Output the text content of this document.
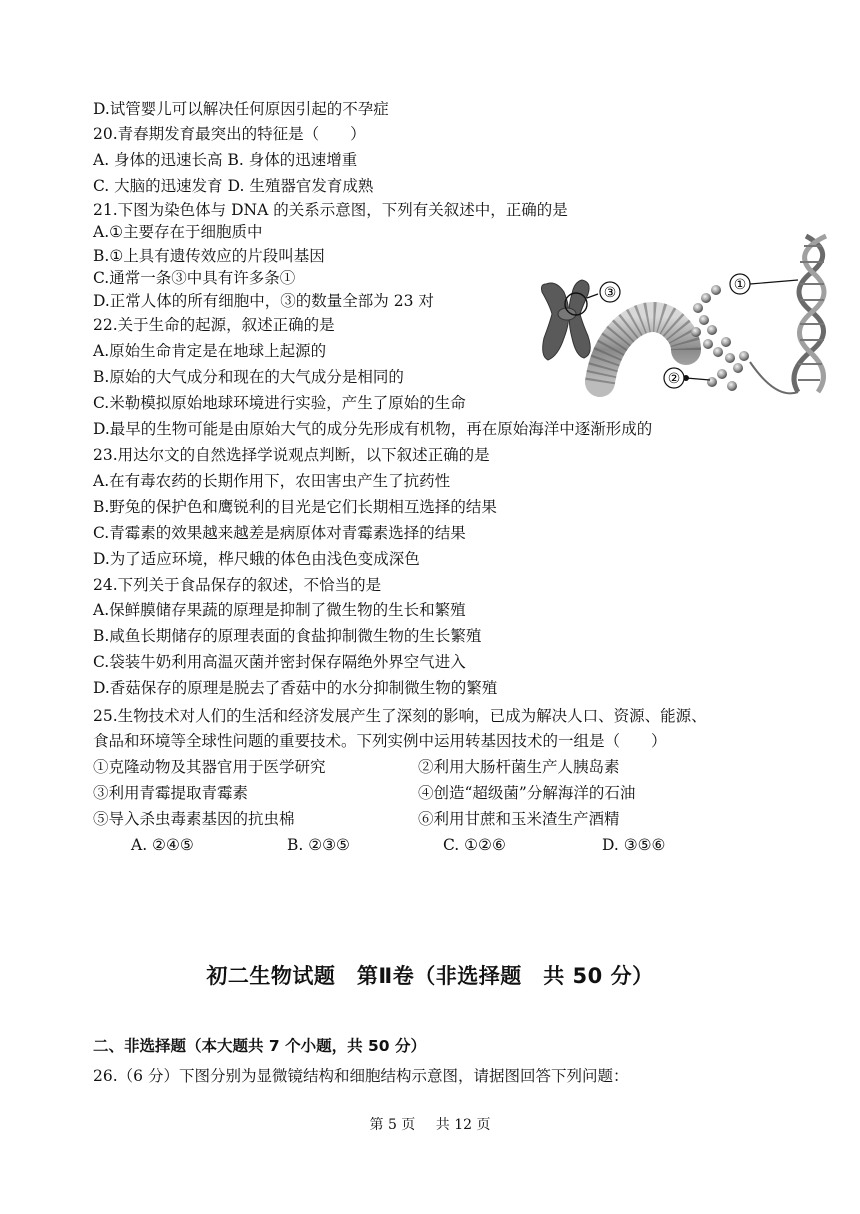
D.试管婴儿可以解决任何原因引起的不孕症
20.青春期发育最突出的特征是（　　）
A. 身体的迅速长高 B. 身体的迅速增重
C. 大脑的迅速发育 D. 生殖器官发育成熟
21.下图为染色体与 DNA 的关系示意图，下列有关叙述中，正确的是
A.①主要存在于细胞质中
B.①上具有遗传效应的片段叫基因
C.通常一条③中具有许多条①
D.正常人体的所有细胞中，③的数量全部为 23 对
22.关于生命的起源，叙述正确的是
A.原始生命肯定是在地球上起源的
B.原始的大气成分和现在的大气成分是相同的
C.米勒模拟原始地球环境进行实验，产生了原始的生命
D.最早的生物可能是由原始大气的成分先形成有机物，再在原始海洋中逐渐形成的
23.用达尔文的自然选择学说观点判断，以下叙述正确的是
A.在有毒农药的长期作用下，农田害虫产生了抗药性
B.野兔的保护色和鹰锐利的目光是它们长期相互选择的结果
C.青霉素的效果越来越差是病原体对青霉素选择的结果
D.为了适应环境，桦尺蛾的体色由浅色变成深色
24.下列关于食品保存的叙述，不恰当的是
A.保鲜膜储存果蔬的原理是抑制了微生物的生长和繁殖
B.咸鱼长期储存的原理表面的食盐抑制微生物的生长繁殖
C.袋装牛奶利用高温灭菌并密封保存隔绝外界空气进入
D.香菇保存的原理是脱去了香菇中的水分抑制微生物的繁殖
25.生物技术对人们的生活和经济发展产生了深刻的影响，已成为解决人口、资源、能源、
食品和环境等全球性问题的重要技术。下列实例中运用转基因技术的一组是（　　）
①克隆动物及其器官用于医学研究	②利用大肠杆菌生产人胰岛素
③利用青霉提取青霉素	④创造“超级菌”分解海洋的石油
⑤导入杀虫毒素基因的抗虫棉	⑥利用甘蔗和玉米渣生产酒精
A. ②④⑤	B. ②③⑤	C. ①②⑥	D. ③⑤⑥
③
②
①
初二生物试题　第Ⅱ卷（非选择题　共 50 分）
二、非选择题（本大题共 7 个小题，共 50 分）
26.（6 分）下图分别为显微镜结构和细胞结构示意图，请据图回答下列问题：
第 5 页 共 12 页
